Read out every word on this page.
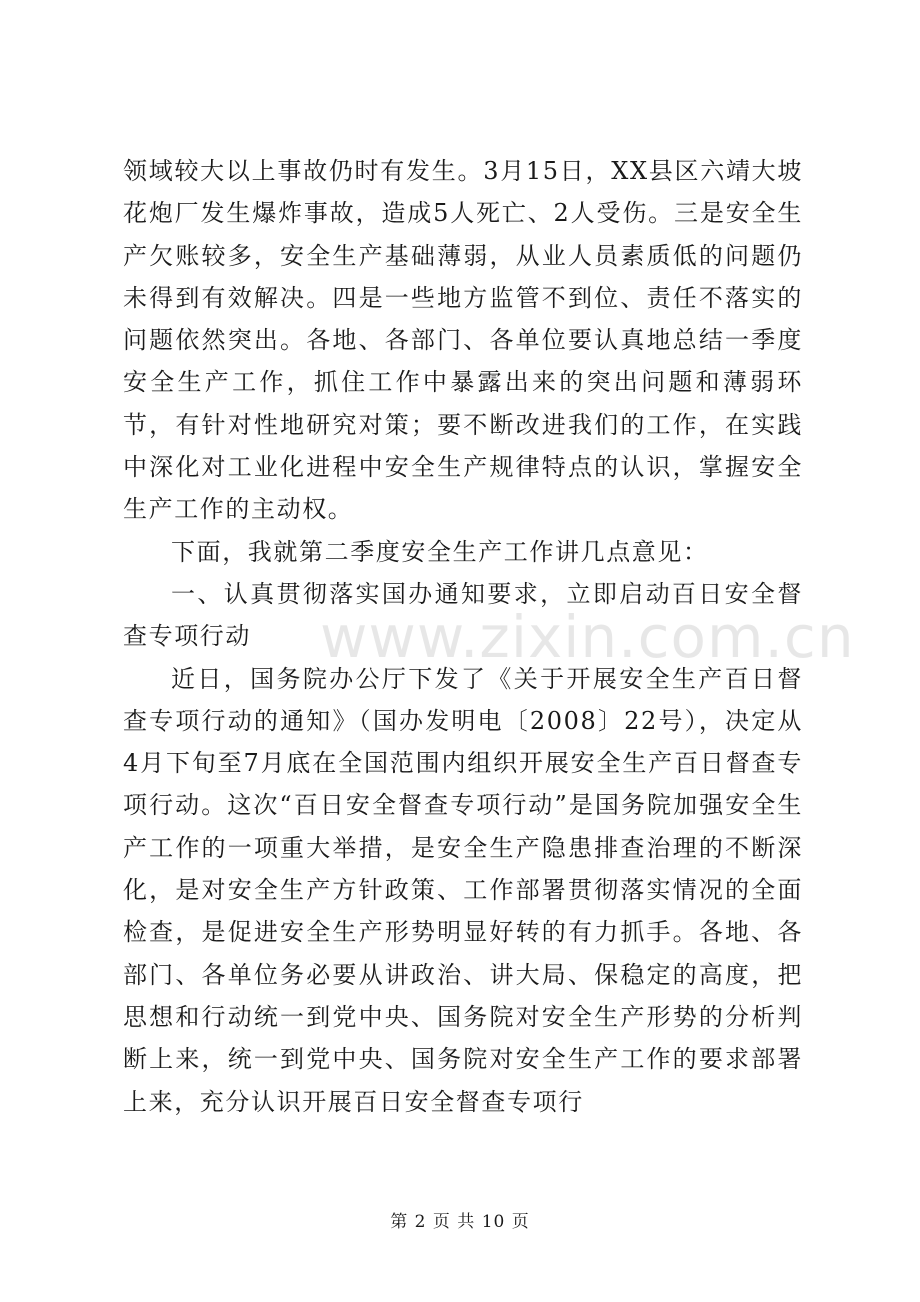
领域较大以上事故仍时有发生。3月15日，XX县区六靖大坡花炮厂发生爆炸事故，造成5人死亡、2人受伤。三是安全生产欠账较多，安全生产基础薄弱，从业人员素质低的问题仍未得到有效解决。四是一些地方监管不到位、责任不落实的问题依然突出。各地、各部门、各单位要认真地总结一季度安全生产工作，抓住工作中暴露出来的突出问题和薄弱环节，有针对性地研究对策；要不断改进我们的工作，在实践中深化对工业化进程中安全生产规律特点的认识，掌握安全生产工作的主动权。

下面，我就第二季度安全生产工作讲几点意见：

一、认真贯彻落实国办通知要求，立即启动百日安全督查专项行动

近日，国务院办公厅下发了《关于开展安全生产百日督查专项行动的通知》（国办发明电〔2008〕22号），决定从4月下旬至7月底在全国范围内组织开展安全生产百日督查专项行动。这次“百日安全督查专项行动”是国务院加强安全生产工作的一项重大举措，是安全生产隐患排查治理的不断深化，是对安全生产方针政策、工作部署贯彻落实情况的全面检查，是促进安全生产形势明显好转的有力抓手。各地、各部门、各单位务必要从讲政治、讲大局、保稳定的高度，把思想和行动统一到党中央、国务院对安全生产形势的分析判断上来，统一到党中央、国务院对安全生产工作的要求部署上来，充分认识开展百日安全督查专项行

www.zixin.com.cn
第 2 页 共 10 页
